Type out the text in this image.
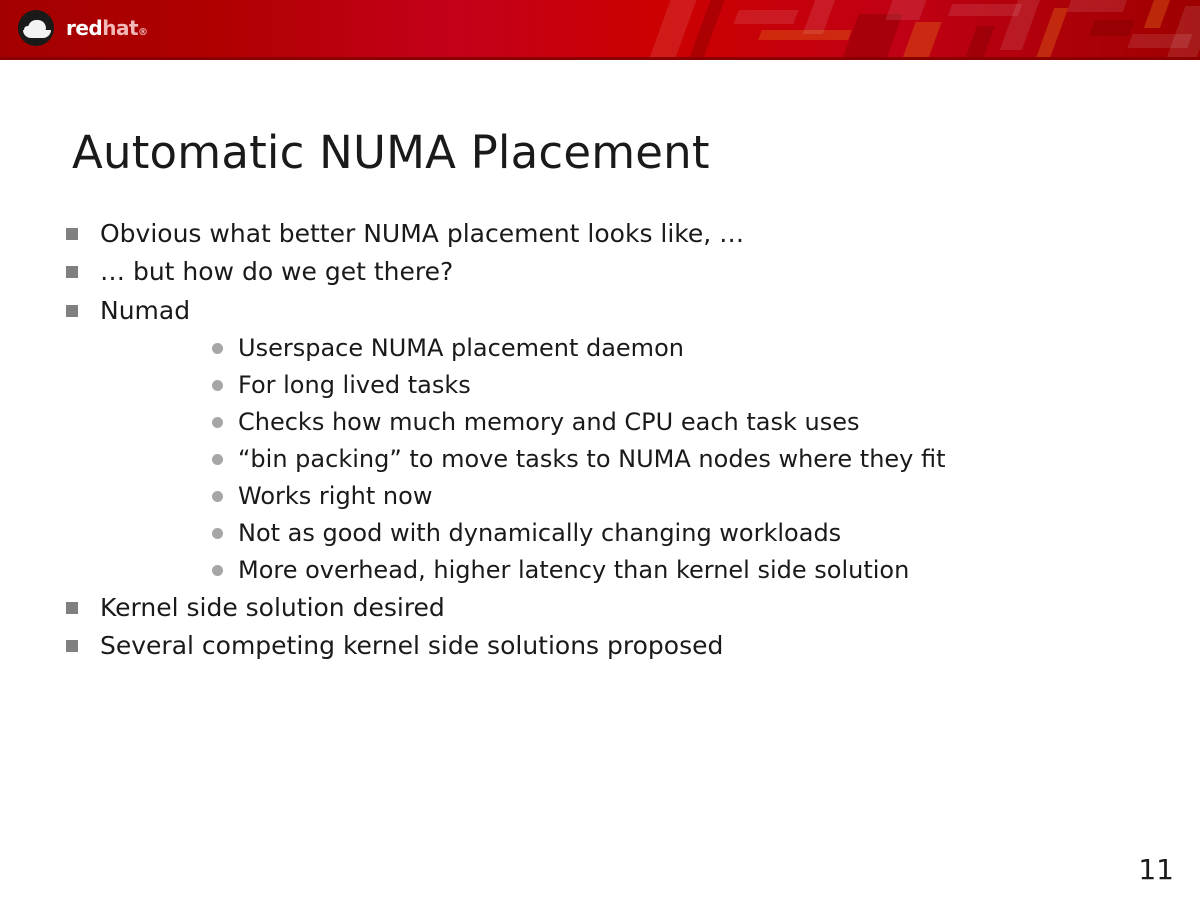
redhat®
Automatic NUMA Placement
Obvious what better NUMA placement looks like, …
… but how do we get there?
Numad
Userspace NUMA placement daemon
For long lived tasks
Checks how much memory and CPU each task uses
“bin packing” to move tasks to NUMA nodes where they fit
Works right now
Not as good with dynamically changing workloads
More overhead, higher latency than kernel side solution
Kernel side solution desired
Several competing kernel side solutions proposed
11
